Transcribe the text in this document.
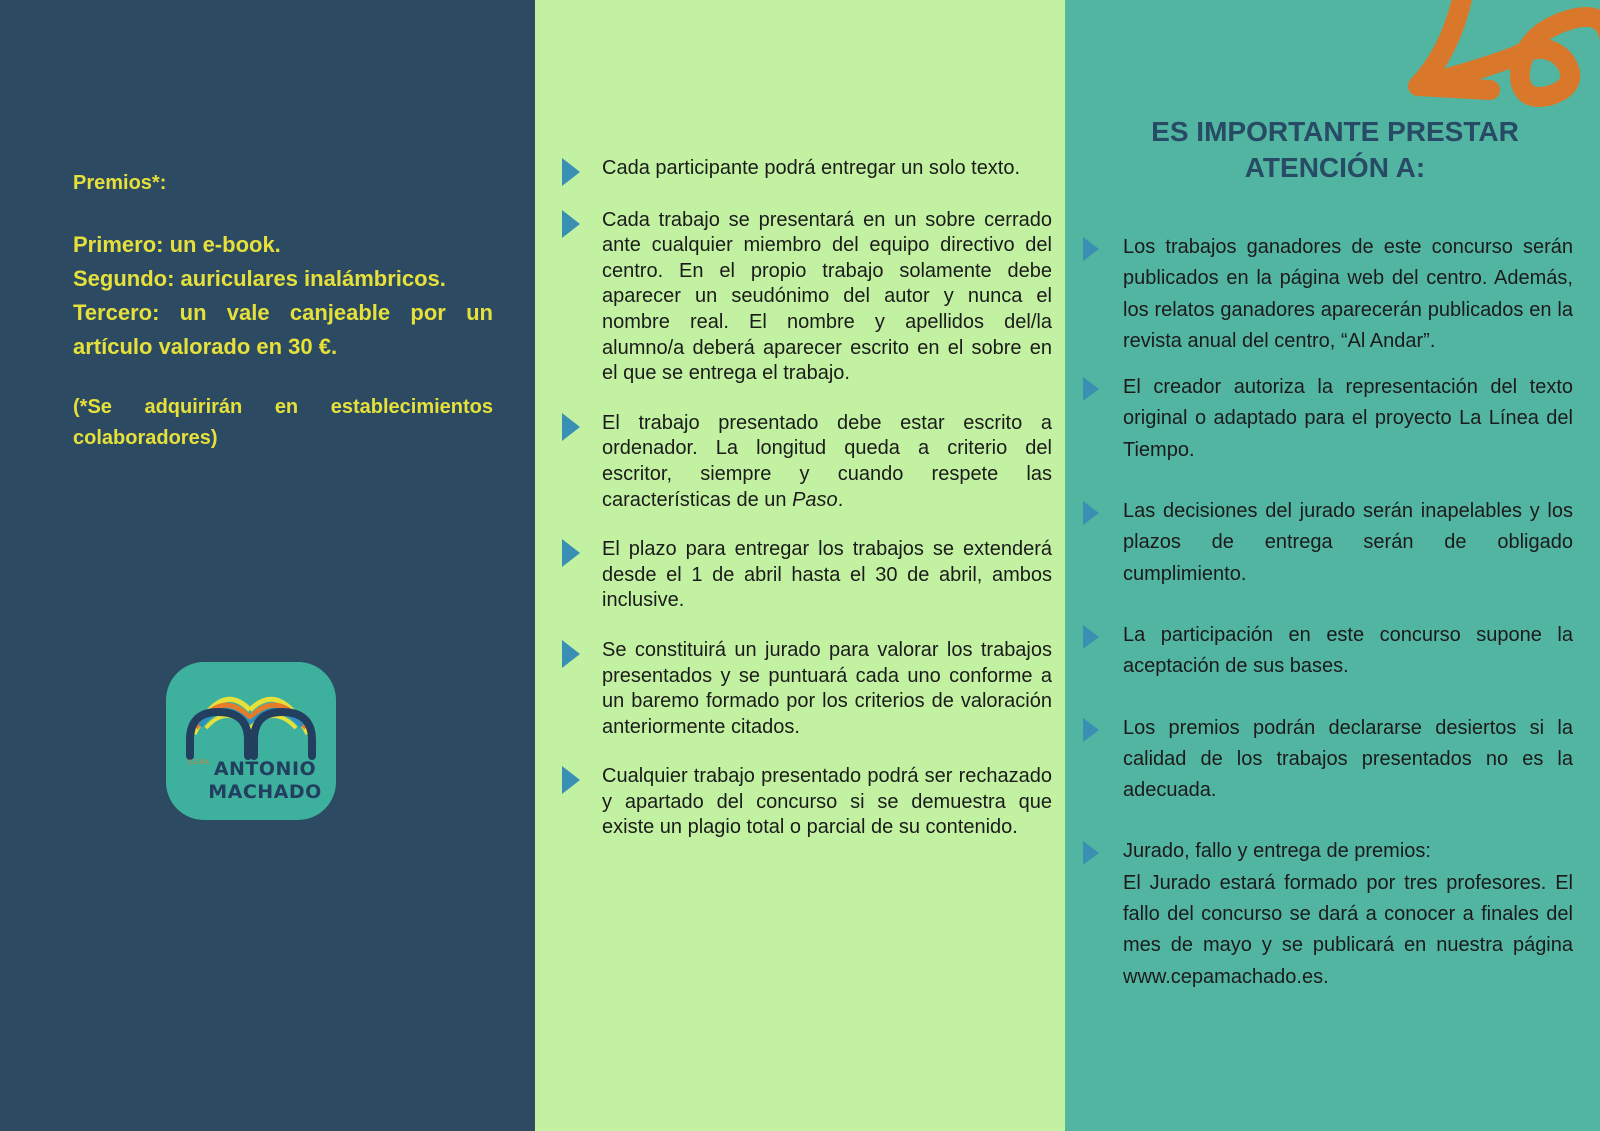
Premios*:
Primero: un e-book.
Segundo: auriculares inalámbricos.
Tercero: un vale canjeable por un artículo valorado en 30 €.
(*Se adquirirán en establecimientos colaboradores)
C.E.P.A. ANTONIO
MACHADO
Cada participante podrá entregar un solo texto.
Cada trabajo se presentará en un sobre cerrado ante cualquier miembro del equipo directivo del centro. En el propio trabajo solamente debe aparecer un seudónimo del autor y nunca el nombre real. El nombre y apellidos del/la alumno/a deberá aparecer escrito en el sobre en el que se entrega el trabajo.
El trabajo presentado debe estar escrito a ordenador. La longitud queda a criterio del escritor, siempre y cuando respete las características de un Paso.
El plazo para entregar los trabajos se extenderá desde el 1 de abril hasta el 30 de abril, ambos inclusive.
Se constituirá un jurado para valorar los trabajos presentados y se puntuará cada uno conforme a un baremo formado por los criterios de valoración anteriormente citados.
Cualquier trabajo presentado podrá ser rechazado y apartado del concurso si se demuestra que existe un plagio total o parcial de su contenido.
ES IMPORTANTE PRESTAR ATENCIÓN A:
Los trabajos ganadores de este concurso serán publicados en la página web del centro. Además, los relatos ganadores aparecerán publicados en la revista anual del centro, “Al Andar”.
El creador autoriza la representación del texto original o adaptado para el proyecto La Línea del Tiempo.
Las decisiones del jurado serán inapelables y los plazos de entrega serán de obligado cumplimiento.
La participación en este concurso supone la aceptación de sus bases.
Los premios podrán declararse desiertos si la calidad de los trabajos presentados no es la adecuada.
Jurado, fallo y entrega de premios:
El Jurado estará formado por tres profesores. El fallo del concurso se dará a conocer a finales del mes de mayo y se publicará en nuestra página www.cepamachado.es.
